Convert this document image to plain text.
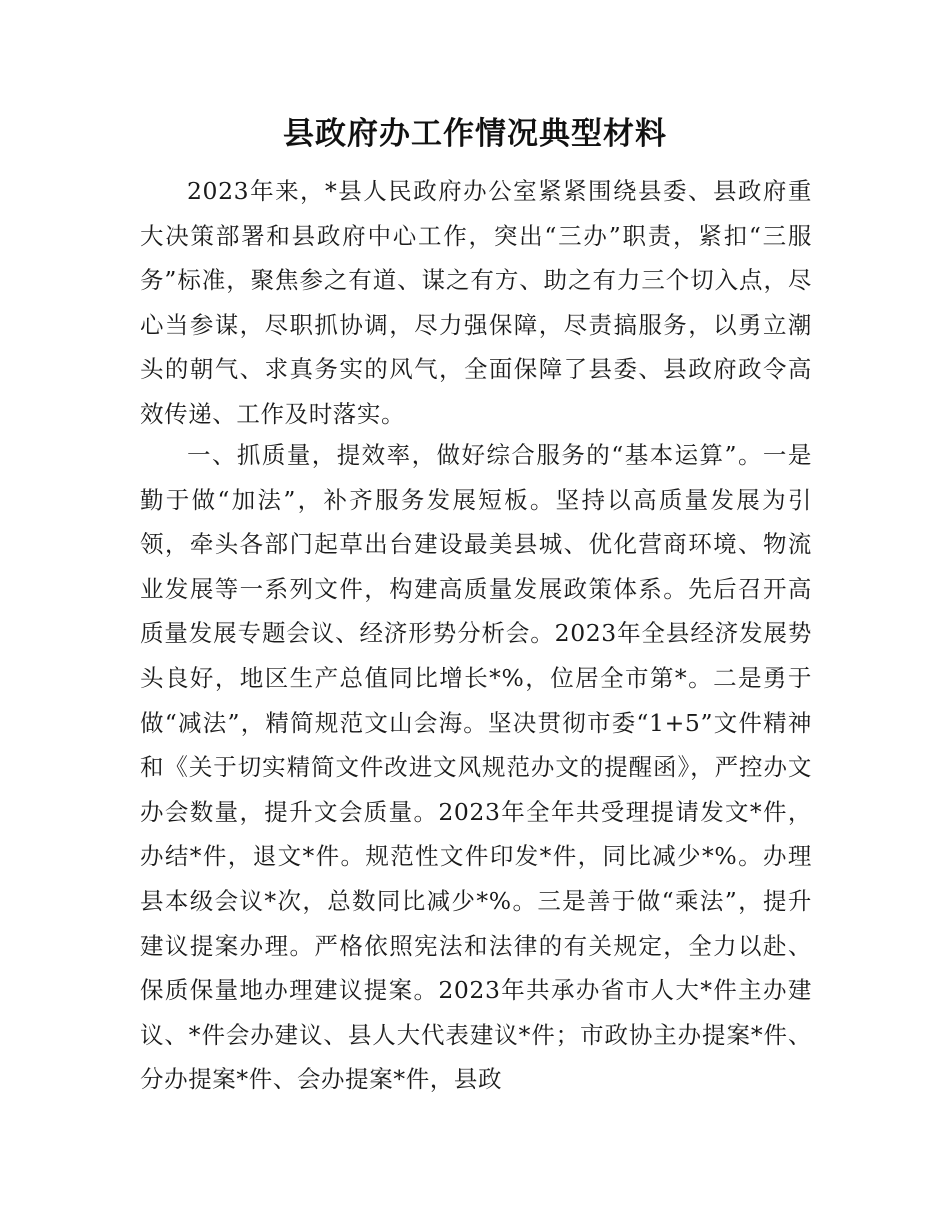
县政府办工作情况典型材料

2023年来，*县人民政府办公室紧紧围绕县委、县政府重大决策部署和县政府中心工作，突出“三办”职责，紧扣“三服务”标准，聚焦参之有道、谋之有方、助之有力三个切入点，尽心当参谋，尽职抓协调，尽力强保障，尽责搞服务，以勇立潮头的朝气、求真务实的风气，全面保障了县委、县政府政令高效传递、工作及时落实。

一、抓质量，提效率，做好综合服务的“基本运算”。一是勤于做“加法”，补齐服务发展短板。坚持以高质量发展为引领，牵头各部门起草出台建设最美县城、优化营商环境、物流业发展等一系列文件，构建高质量发展政策体系。先后召开高质量发展专题会议、经济形势分析会。2023年全县经济发展势头良好，地区生产总值同比增长*%，位居全市第*。二是勇于做“减法”，精简规范文山会海。坚决贯彻市委“1+5”文件精神和《关于切实精简文件改进文风规范办文的提醒函》，严控办文办会数量，提升文会质量。2023年全年共受理提请发文*件，办结*件，退文*件。规范性文件印发*件，同比减少*%。办理县本级会议*次，总数同比减少*%。三是善于做“乘法”，提升建议提案办理。严格依照宪法和法律的有关规定，全力以赴、保质保量地办理建议提案。2023年共承办省市人大*件主办建议、*件会办建议、县人大代表建议*件；市政协主办提案*件、分办提案*件、会办提案*件，县政
